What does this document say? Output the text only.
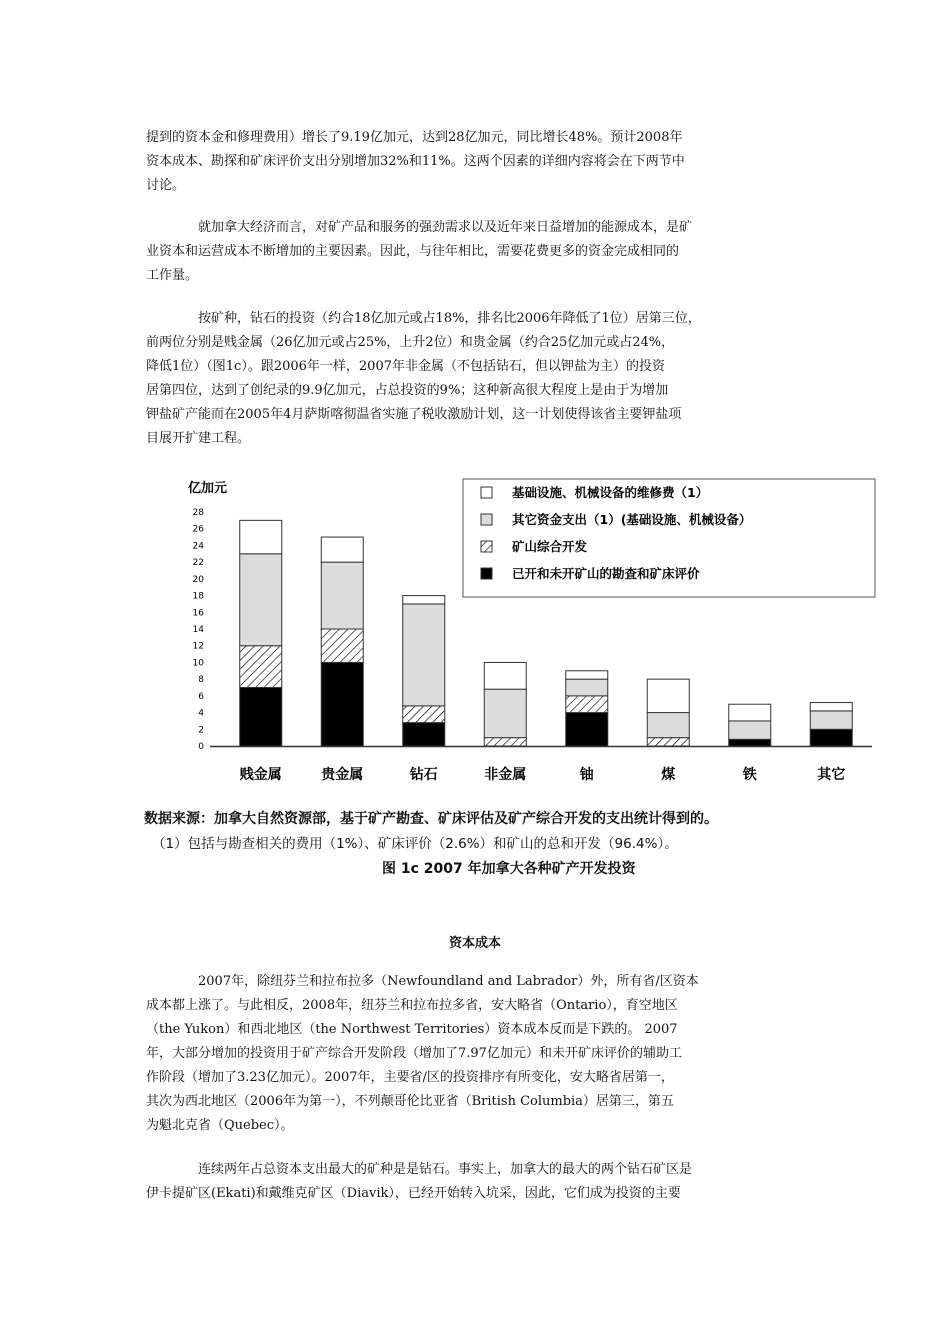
提到的资本金和修理费用）增长了9.19亿加元，达到28亿加元，同比增长48%。预计2008年
资本成本、勘探和矿床评价支出分别增加32%和11%。这两个因素的详细内容将会在下两节中
讨论。
就加拿大经济而言，对矿产品和服务的强劲需求以及近年来日益增加的能源成本，是矿
业资本和运营成本不断增加的主要因素。因此，与往年相比，需要花费更多的资金完成相同的
工作量。
按矿种，钻石的投资（约合18亿加元或占18%，排名比2006年降低了1位）居第三位，
前两位分别是贱金属（26亿加元或占25%，上升2位）和贵金属（约合25亿加元或占24%，
降低1位）（图1c）。跟2006年一样，2007年非金属（不包括钻石，但以钾盐为主）的投资
居第四位，达到了创纪录的9.9亿加元，占总投资的9%；这种新高很大程度上是由于为增加
钾盐矿产能而在2005年4月萨斯喀彻温省实施了税收激励计划，这一计划使得该省主要钾盐项
目展开扩建工程。
亿加元
0
2
4
6
8
10
12
14
16
18
20
22
24
26
28
贱金属	贵金属	钻石	非金属	铀	煤	铁	其它
基础设施、机械设备的维修费（1）
其它资金支出（1）(基础设施、机械设备）
矿山综合开发
已开和未开矿山的勘查和矿床评价
数据来源：加拿大自然资源部，基于矿产勘查、矿床评估及矿产综合开发的支出统计得到的。
（1）包括与勘查相关的费用（1%）、矿床评价（2.6%）和矿山的总和开发（96.4%）。
图 1c 2007 年加拿大各种矿产开发投资
资本成本
2007年，除纽芬兰和拉布拉多（Newfoundland and Labrador）外，所有省/区资本
成本都上涨了。与此相反，2008年，纽芬兰和拉布拉多省，安大略省（Ontario），育空地区
（the Yukon）和西北地区（the Northwest Territories）资本成本反而是下跌的。 2007
年，大部分增加的投资用于矿产综合开发阶段（增加了7.97亿加元）和未开矿床评价的辅助工
作阶段（增加了3.23亿加元）。2007年，主要省/区的投资排序有所变化，安大略省居第一，
其次为西北地区（2006年为第一），不列颠哥伦比亚省（British Columbia）居第三，第五
为魁北克省（Quebec）。
连续两年占总资本支出最大的矿种是是钻石。事实上，加拿大的最大的两个钻石矿区是
伊卡提矿区(Ekati)和戴维克矿区（Diavik），已经开始转入坑采，因此，它们成为投资的主要
